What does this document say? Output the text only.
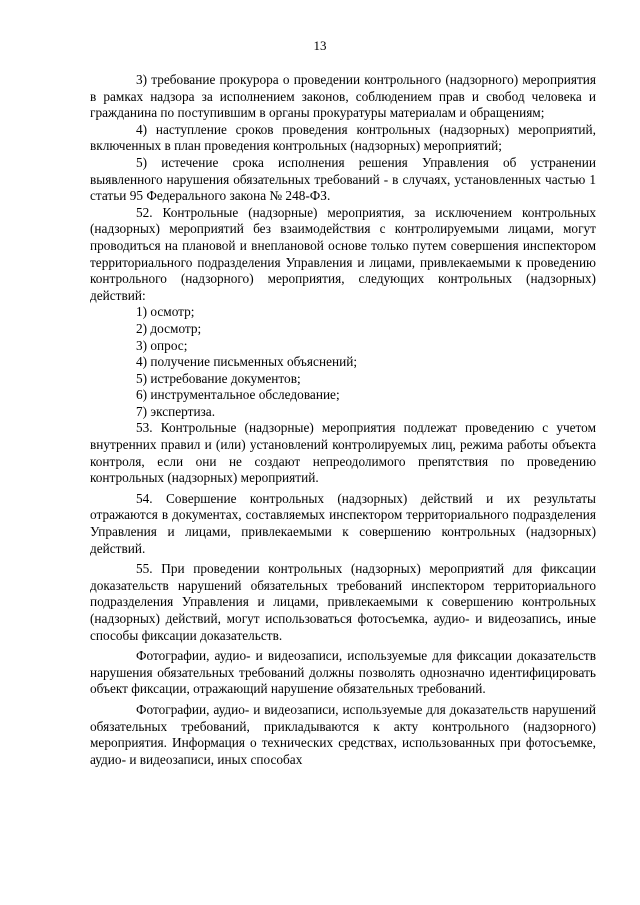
13

3) требование прокурора о проведении контрольного (надзорного) мероприятия в рамках надзора за исполнением законов, соблюдением прав и свобод человека и гражданина по поступившим в органы прокуратуры материалам и обращениям;

4) наступление сроков проведения контрольных (надзорных) мероприятий, включенных в план проведения контрольных (надзорных) мероприятий;

5) истечение срока исполнения решения Управления об устранении выявленного нарушения обязательных требований - в случаях, установленных частью 1 статьи 95 Федерального закона № 248-ФЗ.

52. Контрольные (надзорные) мероприятия, за исключением контрольных (надзорных) мероприятий без взаимодействия с контролируемыми лицами, могут проводиться на плановой и внеплановой основе только путем совершения инспектором территориального подразделения Управления и лицами, привлекаемыми к проведению контрольного (надзорного) мероприятия, следующих контрольных (надзорных) действий:

1) осмотр;

2) досмотр;

3) опрос;

4) получение письменных объяснений;

5) истребование документов;

6) инструментальное обследование;

7) экспертиза.

53. Контрольные (надзорные) мероприятия подлежат проведению с учетом внутренних правил и (или) установлений контролируемых лиц, режима работы объекта контроля, если они не создают непреодолимого препятствия по проведению контрольных (надзорных) мероприятий.

54. Совершение контрольных (надзорных) действий и их результаты отражаются в документах, составляемых инспектором территориального подразделения Управления и лицами, привлекаемыми к совершению контрольных (надзорных) действий.

55. При проведении контрольных (надзорных) мероприятий для фиксации доказательств нарушений обязательных требований инспектором территориального подразделения Управления и лицами, привлекаемыми к совершению контрольных (надзорных) действий, могут использоваться фотосъемка, аудио- и видеозапись, иные способы фиксации доказательств.

Фотографии, аудио- и видеозаписи, используемые для фиксации доказательств нарушения обязательных требований должны позволять однозначно идентифицировать объект фиксации, отражающий нарушение обязательных требований.

Фотографии, аудио- и видеозаписи, используемые для доказательств нарушений обязательных требований, прикладываются к акту контрольного (надзорного) мероприятия. Информация о технических средствах, использованных при фотосъемке, аудио- и видеозаписи, иных способах
